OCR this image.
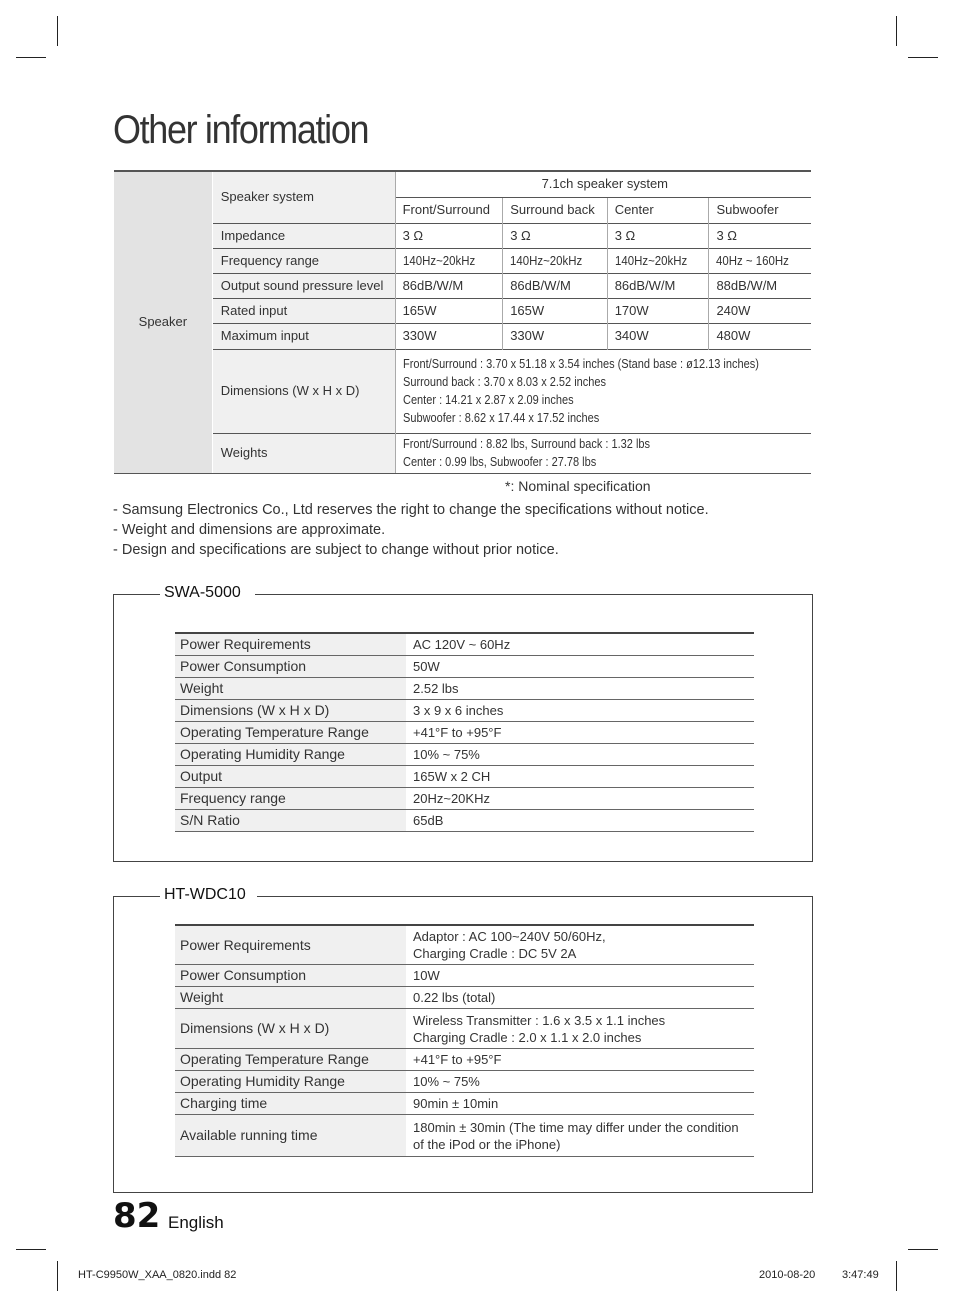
Other information
Speaker	Speaker system	7.1ch speaker system			
		Front/Surround	Surround back	Center	Subwoofer
	Impedance	3 Ω	3 Ω	3 Ω	3 Ω
	Frequency range	140Hz~20kHz	140Hz~20kHz	140Hz~20kHz	40Hz ~ 160Hz
	Output sound pressure level	86dB/W/M	86dB/W/M	86dB/W/M	88dB/W/M
	Rated input	165W	165W	170W	240W
	Maximum input	330W	330W	340W	480W
	Dimensions (W x H x D)	Front/Surround : 3.70 x 51.18 x 3.54 inches (Stand base : ø12.13 inches)
Surround back : 3.70 x 8.03 x 2.52 inches
Center : 14.21 x 2.87 x 2.09 inches
Subwoofer : 8.62 x 17.44 x 17.52 inches			
	Weights	Front/Surround : 8.82 lbs, Surround back : 1.32 lbs
Center : 0.99 lbs, Subwoofer : 27.78 lbs			
*: Nominal specification
- Samsung Electronics Co., Ltd reserves the right to change the specifications without notice.
- Weight and dimensions are approximate.
- Design and specifications are subject to change without prior notice.
SWA-5000
Power Requirements	AC 120V ~ 60Hz
Power Consumption	50W
Weight	2.52 lbs
Dimensions (W x H x D)	3 x 9 x 6 inches
Operating Temperature Range	+41°F to +95°F
Operating Humidity Range	10% ~ 75%
Output	165W x 2 CH
Frequency range	20Hz~20KHz
S/N Ratio	65dB
HT-WDC10
Power Requirements	Adaptor : AC 100~240V 50/60Hz,
Charging Cradle : DC 5V 2A

Power Consumption	10W
Weight	0.22 lbs (total)
Dimensions (W x H x D)	Wireless Transmitter : 1.6 x 3.5 x 1.1 inches
Charging Cradle : 2.0 x 1.1 x 2.0 inches

Operating Temperature Range	+41°F to +95°F
Operating Humidity Range	10% ~ 75%
Charging time	90min ± 10min
Available running time	180min ± 30min (The time may differ under the condition
of the iPod or the iPhone)
82 English
HT-C9950W_XAA_0820.indd 82	2010-08-20 3:47:49
